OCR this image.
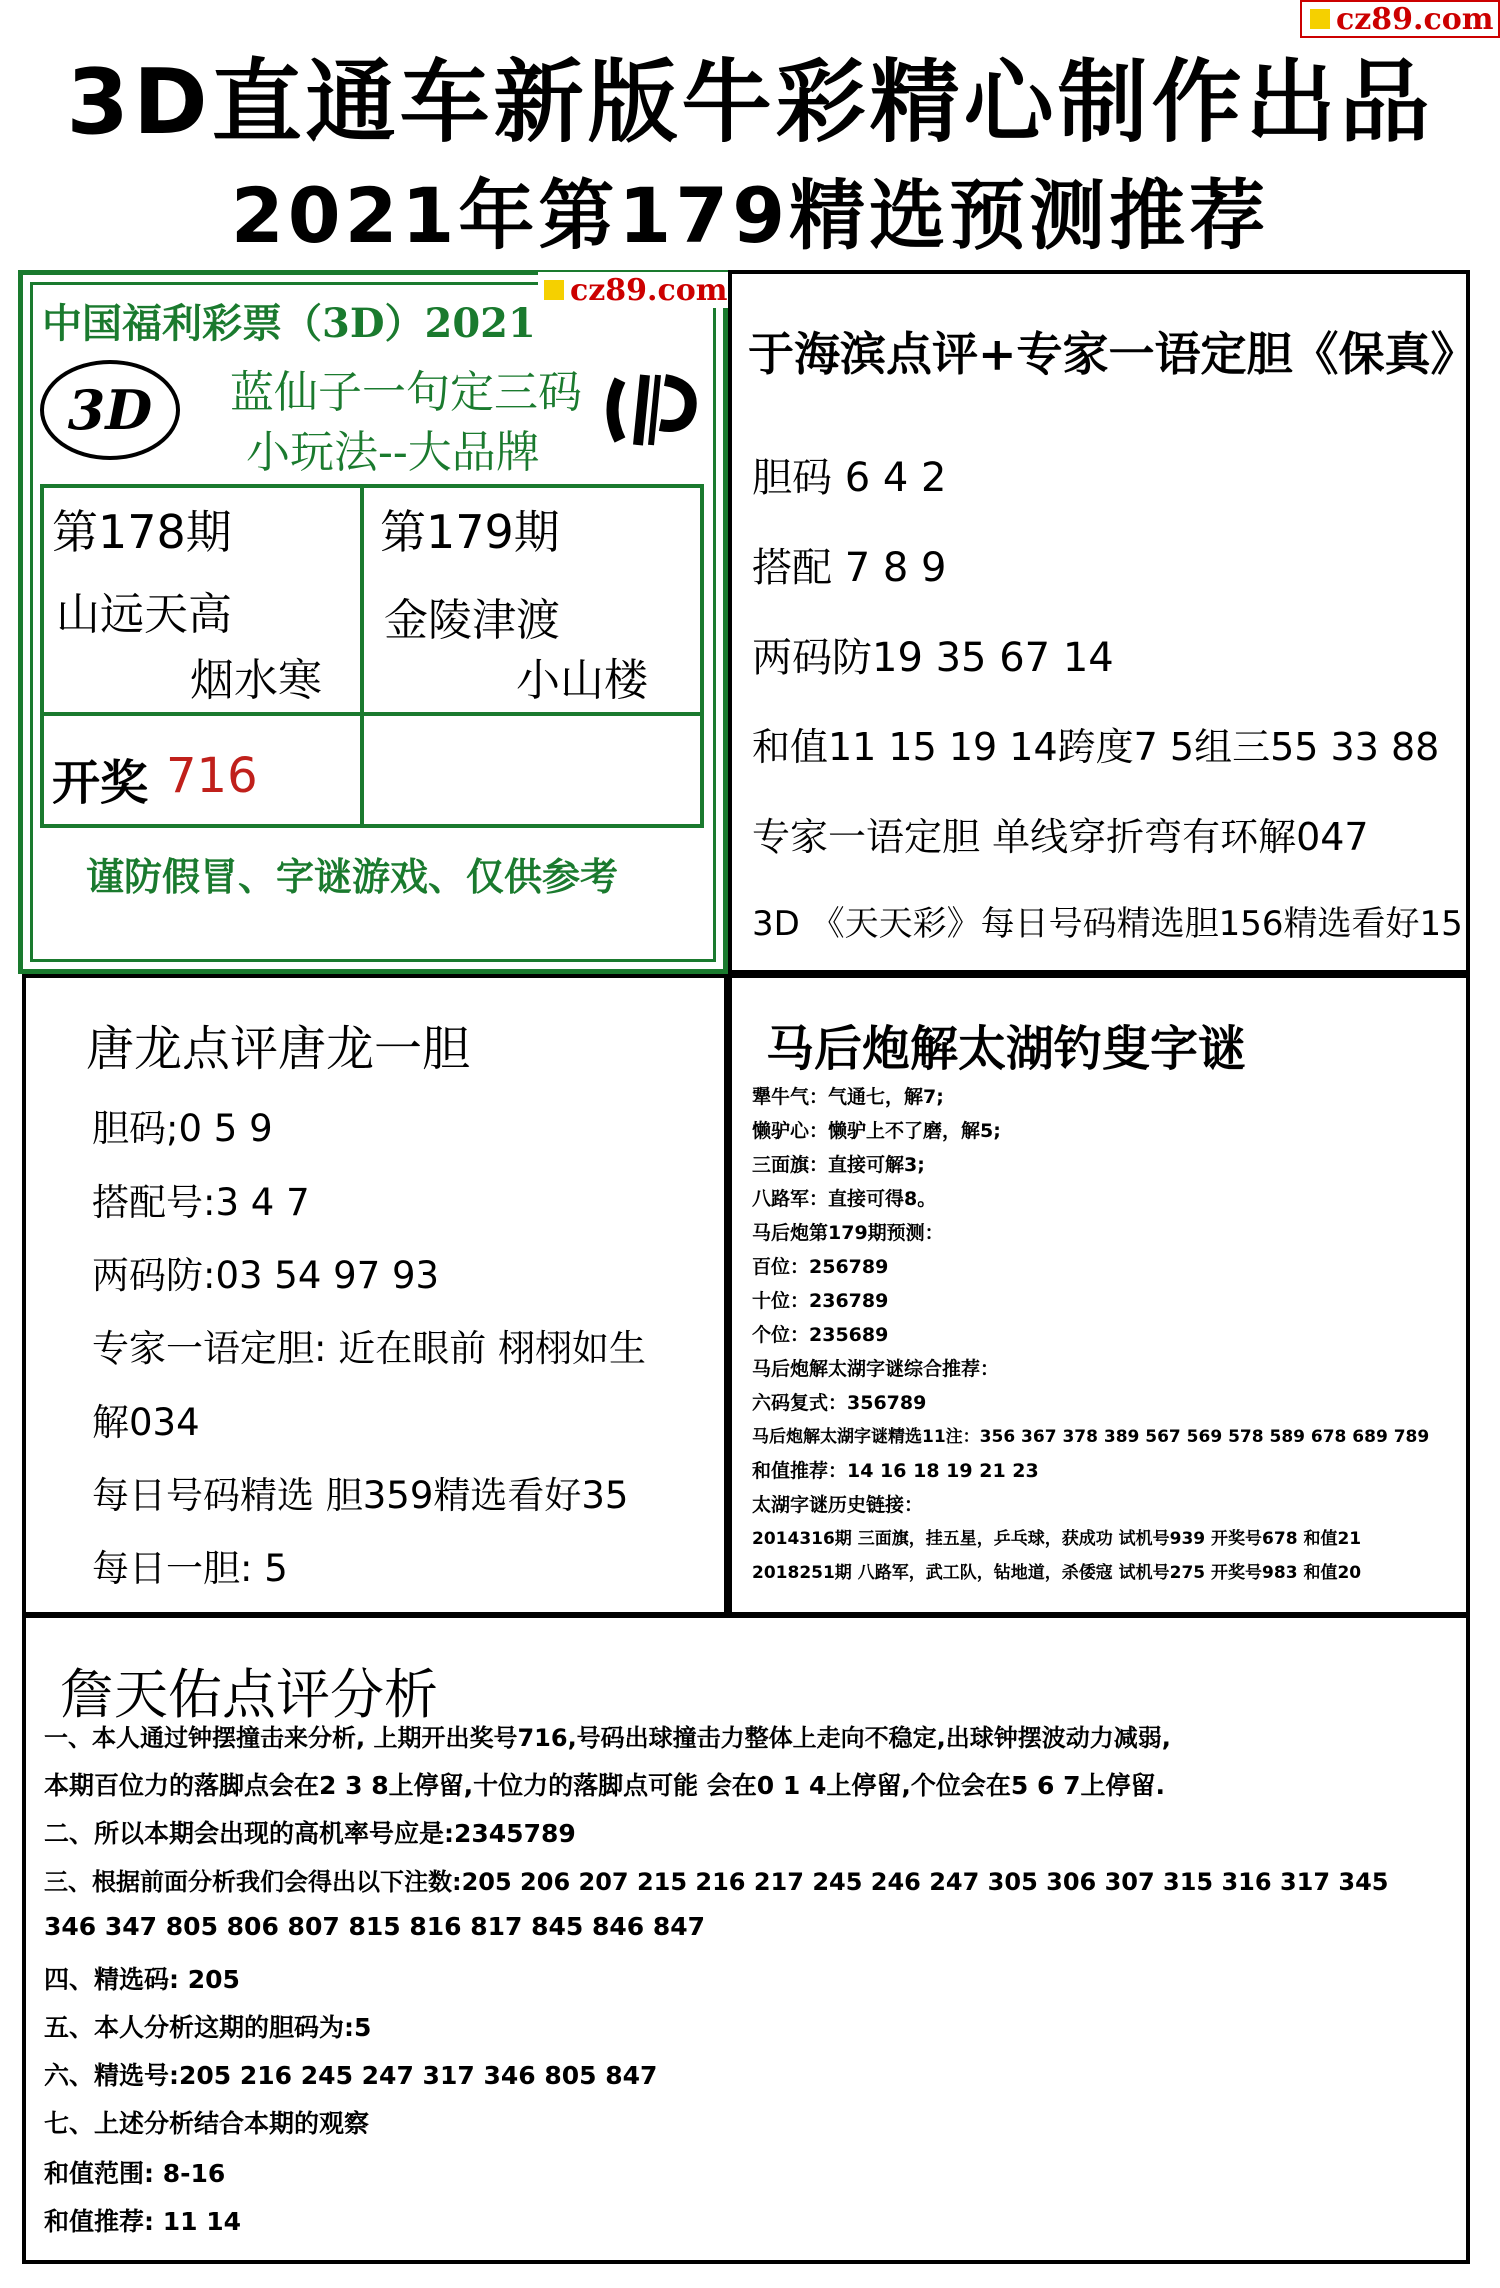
cz89.com
3D直通车新版牛彩精心制作出品
2021年第179精选预测推荐
中国福利彩票（3D）2021
cz89.com
3D 蓝仙子一句定三码
小玩法--大品牌
第178期
山远天高
烟水寒
第179期
金陵津渡
小山楼
开奖 716
谨防假冒、字谜游戏、仅供参考
于海滨点评+专家一语定胆《保真》
胆码 6 4 2
搭配 7 8 9
两码防19 35 67 14
和值11 15 19 14跨度7 5组三55 33 88
专家一语定胆 单线穿折弯有环解047
3D 《天天彩》每日号码精选胆156精选看好15
唐龙点评唐龙一胆
胆码;0 5 9
搭配号:3 4 7
两码防:03 54 97 93
专家一语定胆: 近在眼前 栩栩如生
解034
每日号码精选 胆359精选看好35
每日一胆: 5
马后炮解太湖钓叟字谜
犟牛气：气通七，解7;
懒驴心：懒驴上不了磨，解5;
三面旗：直接可解3;
八路军：直接可得8。
马后炮第179期预测：
百位：256789
十位：236789
个位：235689
马后炮解太湖字谜综合推荐：
六码复式：356789
马后炮解太湖字谜精选11注：356 367 378 389 567 569 578 589 678 689 789
和值推荐：14 16 18 19 21 23
太湖字谜历史链接：
2014316期 三面旗，挂五星，乒乓球，获成功 试机号939 开奖号678 和值21
2018251期 八路军，武工队，钻地道，杀倭寇 试机号275 开奖号983 和值20
詹天佑点评分析
一、本人通过钟摆撞击来分析, 上期开出奖号716,号码出球撞击力整体上走向不稳定,出球钟摆波动力减弱,
本期百位力的落脚点会在2 3 8上停留,十位力的落脚点可能 会在0 1 4上停留,个位会在5 6 7上停留.
二、所以本期会出现的高机率号应是:2345789
三、根据前面分析我们会得出以下注数:205 206 207 215 216 217 245 246 247 305 306 307 315 316 317 345
346 347 805 806 807 815 816 817 845 846 847
四、精选码: 205
五、本人分析这期的胆码为:5
六、精选号:205 216 245 247 317 346 805 847
七、上述分析结合本期的观察
和值范围: 8-16
和值推荐: 11 14
